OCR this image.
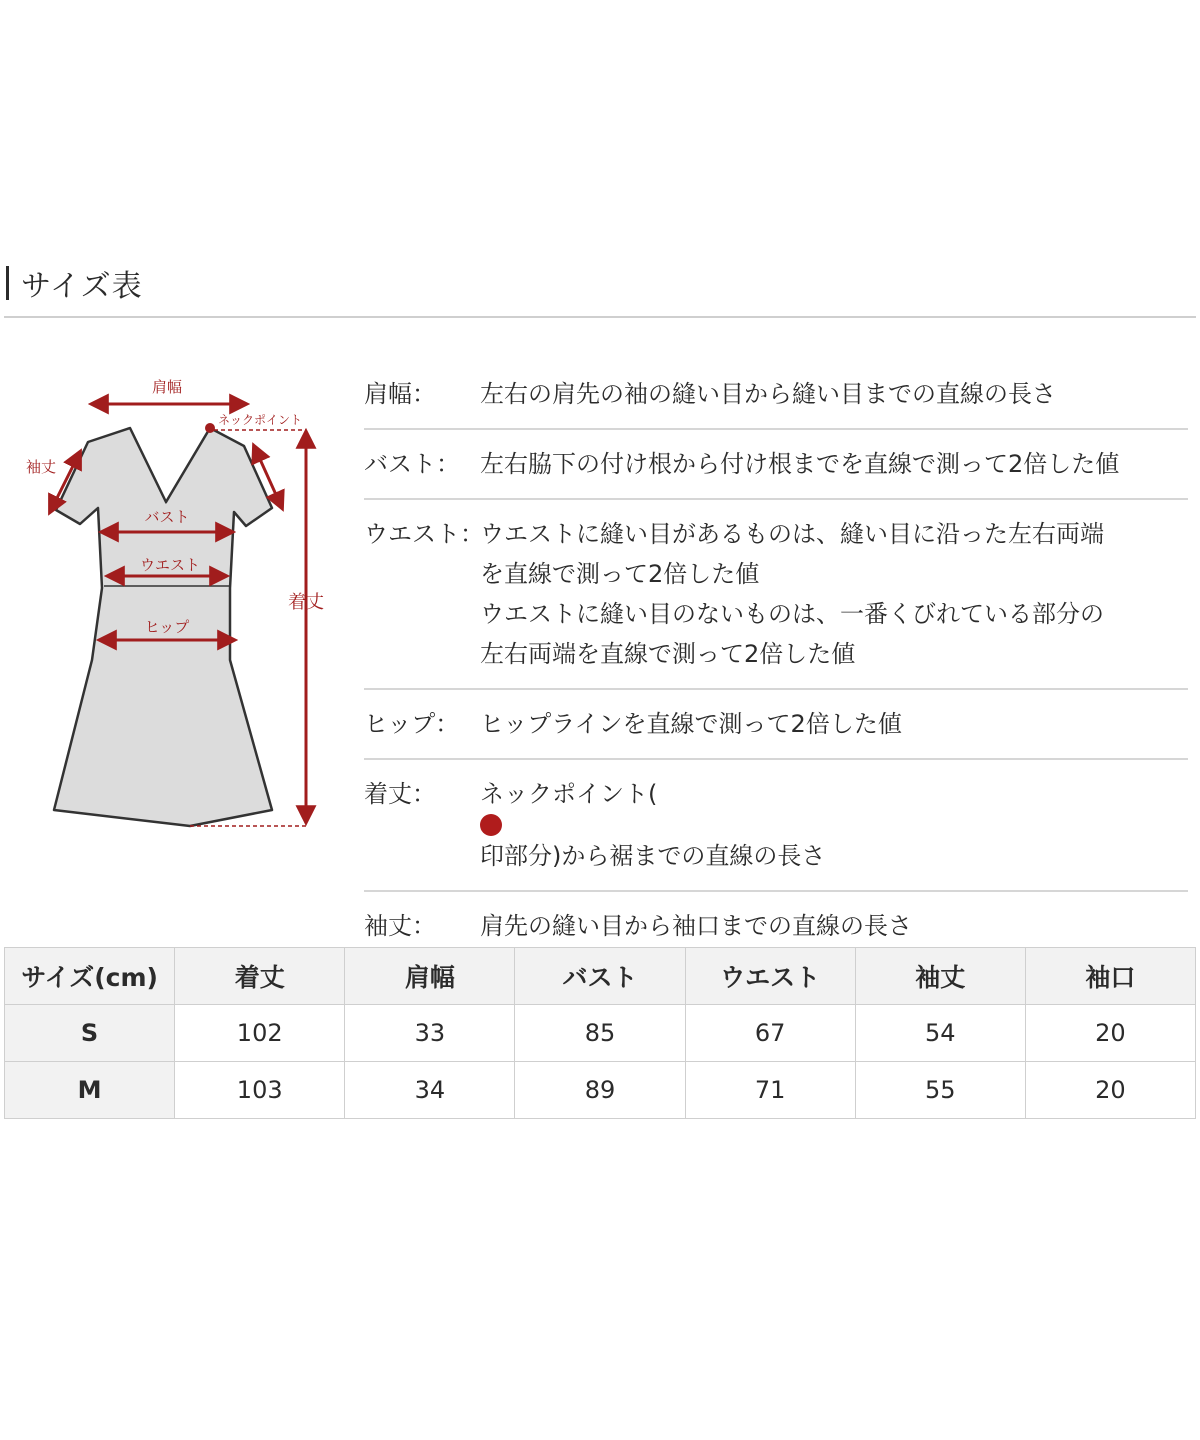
サイズ表
肩幅
ネックポイント
袖丈
バスト
ウエスト
ヒップ
着丈
肩幅：	左右の肩先の袖の縫い目から縫い目までの直線の長さ
バスト： 左右脇下の付け根から付け根までを直線で測って2倍した値
ウエスト：
ウエストに縫い目があるものは、縫い目に沿った左右両端
を直線で測って2倍した値
ウエストに縫い目のないものは、一番くびれている部分の
左右両端を直線で測って2倍した値
ヒップ： ヒップラインを直線で測って2倍した値
着丈：	ネックポイント(
印部分)から裾までの直線の長さ
袖丈：	肩先の縫い目から袖口までの直線の長さ
サイズ(cm)	着丈	肩幅	バスト	ウエスト	袖丈	袖口
S	102	33	85	67	54	20
M	103	34	89	71	55	20
